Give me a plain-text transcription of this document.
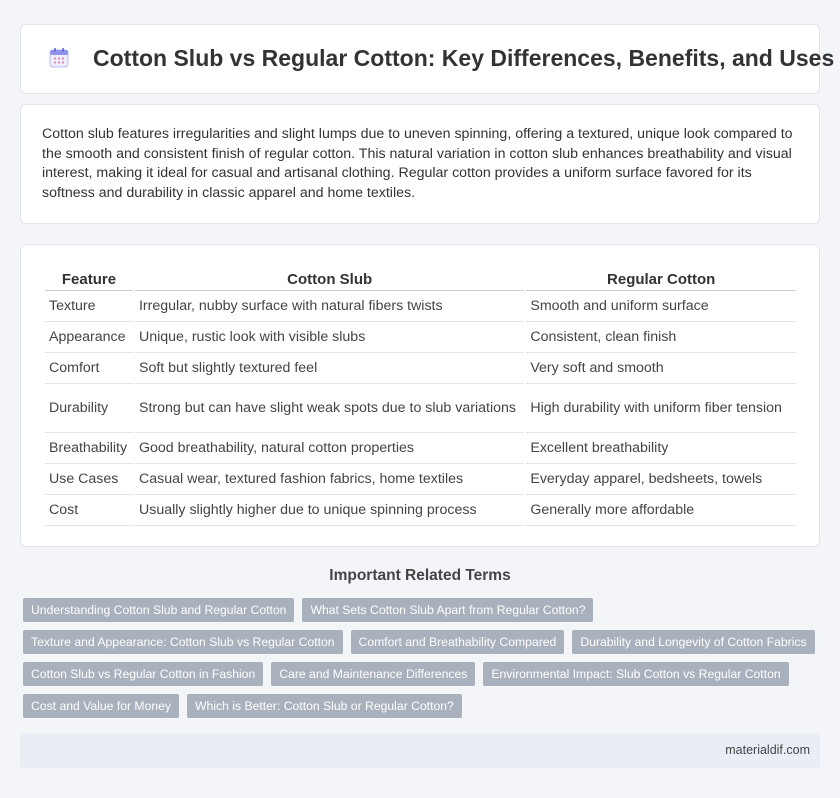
Cotton Slub vs Regular Cotton: Key Differences, Benefits, and Uses

Cotton slub features irregularities and slight lumps due to uneven spinning, offering a textured, unique look compared to the smooth and consistent finish of regular cotton. This natural variation in cotton slub enhances breathability and visual interest, making it ideal for casual and artisanal clothing. Regular cotton provides a uniform surface favored for its softness and durability in classic apparel and home textiles.

Feature	Cotton Slub	Regular Cotton
Texture	Irregular, nubby surface with natural fibers twists	Smooth and uniform surface
Appearance	Unique, rustic look with visible slubs	Consistent, clean finish
Comfort	Soft but slightly textured feel	Very soft and smooth
Durability	Strong but can have slight weak spots due to slub variations	High durability with uniform fiber tension
Breathability	Good breathability, natural cotton properties	Excellent breathability
Use Cases	Casual wear, textured fashion fabrics, home textiles	Everyday apparel, bedsheets, towels
Cost	Usually slightly higher due to unique spinning process	Generally more affordable
Important Related Terms
Understanding Cotton Slub and Regular Cotton	What Sets Cotton Slub Apart from Regular Cotton?
Texture and Appearance: Cotton Slub vs Regular Cotton	Comfort and Breathability Compared	Durability and Longevity of Cotton Fabrics
Cotton Slub vs Regular Cotton in Fashion	Care and Maintenance Differences	Environmental Impact: Slub Cotton vs Regular Cotton
Cost and Value for Money	Which is Better: Cotton Slub or Regular Cotton?
materialdif.com
